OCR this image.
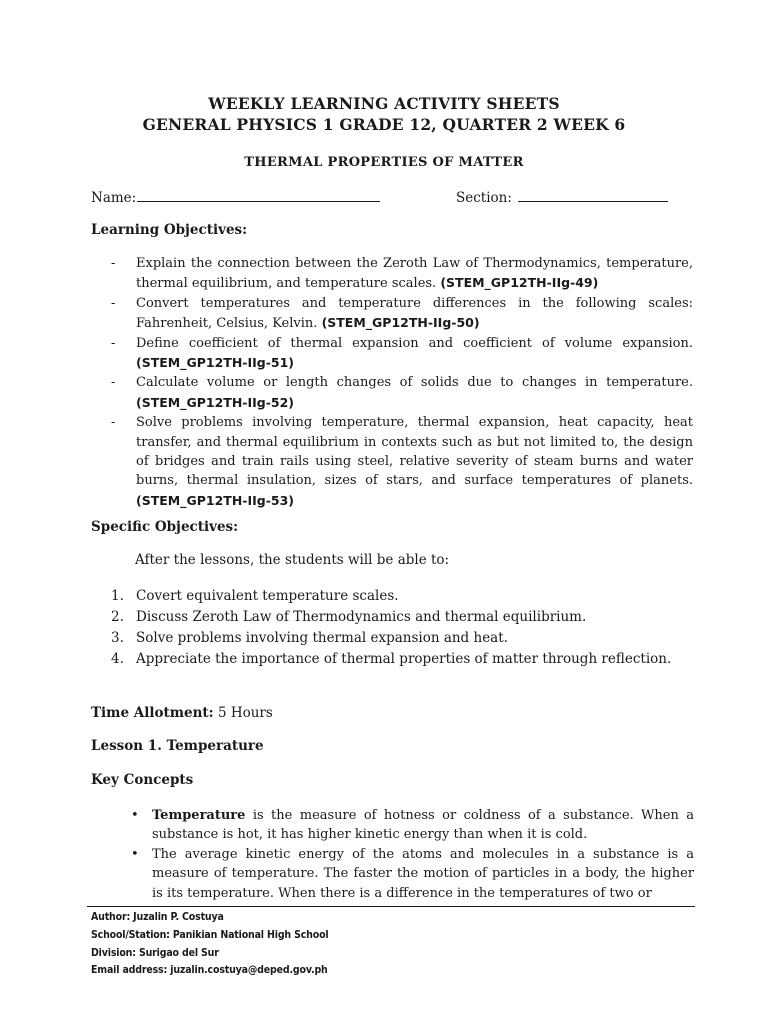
WEEKLY LEARNING ACTIVITY SHEETS
GENERAL PHYSICS 1 GRADE 12, QUARTER 2 WEEK 6
THERMAL PROPERTIES OF MATTER
Name:	Section:
Learning Objectives:
- Explain the connection between the Zeroth Law of Thermodynamics, temperature, thermal equilibrium, and temperature scales. (STEM_GP12TH-IIg-49)
- Convert temperatures and temperature differences in the following scales: Fahrenheit, Celsius, Kelvin. (STEM_GP12TH-IIg-50)
- Define coefficient of thermal expansion and coefficient of volume expansion.
(STEM_GP12TH-IIg-51)
- Calculate volume or length changes of solids due to changes in temperature.
(STEM_GP12TH-IIg-52)
- Solve problems involving temperature, thermal expansion, heat capacity, heat transfer, and thermal equilibrium in contexts such as but not limited to, the design of bridges and train rails using steel, relative severity of steam burns and water burns, thermal insulation, sizes of stars, and surface temperatures of planets. (STEM_GP12TH-IIg-53)
Specific Objectives:
After the lessons, the students will be able to:
1. Covert equivalent temperature scales.
2. Discuss Zeroth Law of Thermodynamics and thermal equilibrium.
3. Solve problems involving thermal expansion and heat.
4. Appreciate the importance of thermal properties of matter through reflection.
Time Allotment: 5 Hours
Lesson 1. Temperature
Key Concepts
• Temperature is the measure of hotness or coldness of a substance. When a substance is hot, it has higher kinetic energy than when it is cold.
• The average kinetic energy of the atoms and molecules in a substance is a measure of temperature. The faster the motion of particles in a body, the higher is its temperature. When there is a difference in the temperatures of two or
Author: Juzalin P. Costuya
School/Station: Panikian National High School
Division: Surigao del Sur
Email address: juzalin.costuya@deped.gov.ph
